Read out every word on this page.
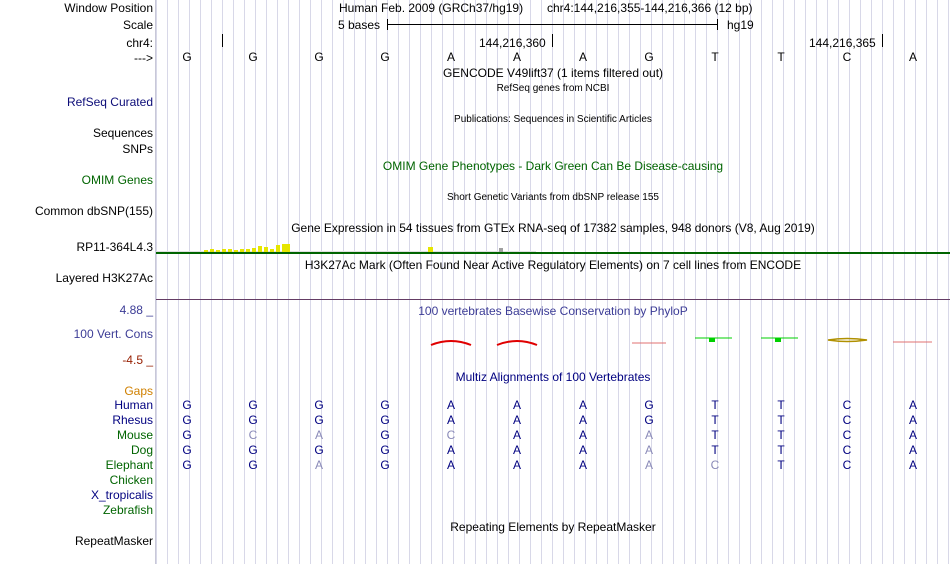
Window Position	Human Feb. 2009 (GRCh37/hg19) chr4:144,216,355-144,216,366 (12 bp)
Scale	5 bases	hg19
chr4:	144,216,360	144,216,365
---> G	G	G	G	A	A	A	G	T	T	C	A
GENCODE V49lift37 (1 items filtered out)
RefSeq genes from NCBI
RefSeq Curated
Publications: Sequences in Scientific Articles
Sequences
SNPs
OMIM Gene Phenotypes - Dark Green Can Be Disease-causing
OMIM Genes
Short Genetic Variants from dbSNP release 155
Common dbSNP(155)
Gene Expression in 54 tissues from GTEx RNA-seq of 17382 samples, 948 donors (V8, Aug 2019)
RP11-364L4.3
H3K27Ac Mark (Often Found Near Active Regulatory Elements) on 7 cell lines from ENCODE
Layered H3K27Ac
100 vertebrates Basewise Conservation by PhyloP
4.88 _
100 Vert. Cons
-4.5 _
Gaps
Multiz Alignments of 100 Vertebrates
Human G	G	G	G	A	A	A	G	T	T	C	A
Rhesus G	G	G	G	A	A	A	G	T	T	C	A
Mouse G	C	A	G	C	A	A	A	T	T	C	A
Dog G	G	G	G	A	A	A	A	T	T	C	A
Elephant G	G	A	G	A	A	A	A	C	T	C	A
Chicken
X_tropicalis
Zebrafish
Repeating Elements by RepeatMasker
RepeatMasker
